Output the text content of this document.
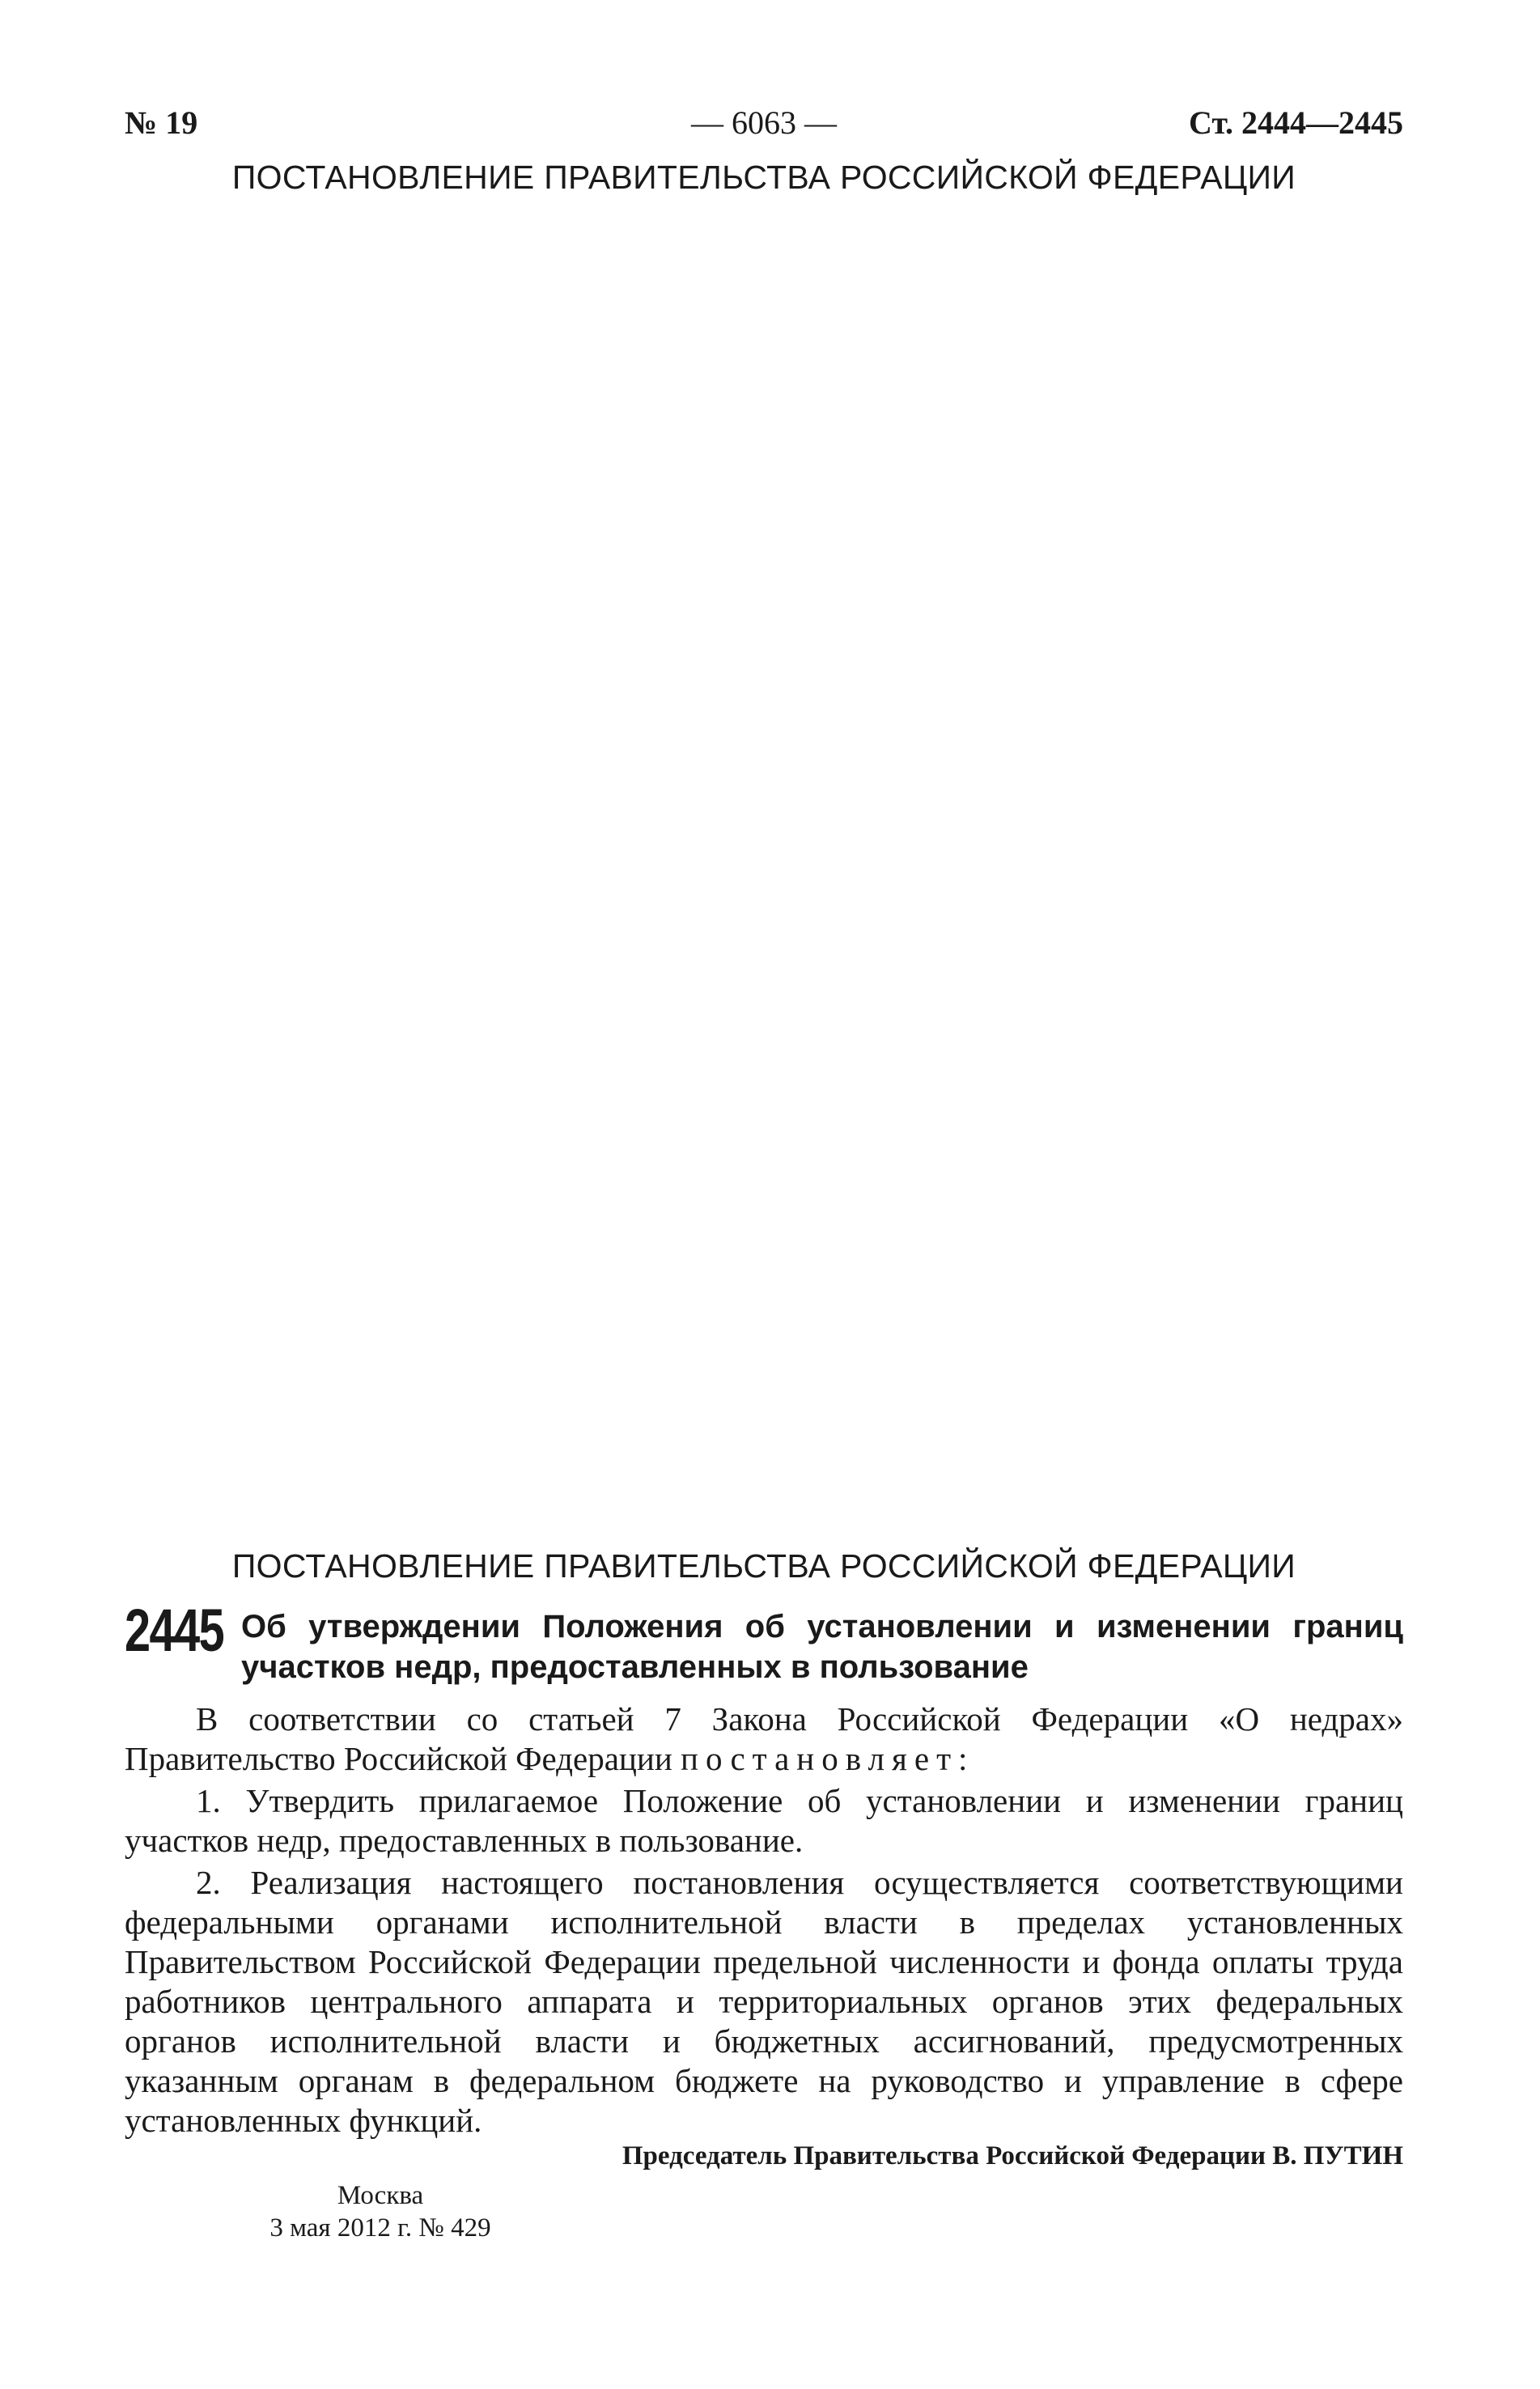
№ 19	— 6063 —	Ст. 2444—2445
ПОСТАНОВЛЕНИЕ ПРАВИТЕЛЬСТВА РОССИЙСКОЙ ФЕДЕРАЦИИ
ПОСТАНОВЛЕНИЕ ПРАВИТЕЛЬСТВА РОССИЙСКОЙ ФЕДЕРАЦИИ
2445 Об утверждении Положения об установлении и изменении границ участков недр, предоставленных в пользование

В соответствии со статьей 7 Закона Российской Федерации «О недрах» Правительство Российской Федерации постановляет:

1. Утвердить прилагаемое Положение об установлении и изменении границ участков недр, предоставленных в пользование.

2. Реализация настоящего постановления осуществляется соответствующими федеральными органами исполнительной власти в пределах установленных Правительством Российской Федерации предельной численности и фонда оплаты труда работников центрального аппарата и территориальных органов этих федеральных органов исполнительной власти и бюджетных ассигнований, предусмотренных указанным органам в федеральном бюджете на руководство и управление в сфере установленных функций.

Председатель Правительства Российской Федерации В. ПУТИН
Москва
3 мая 2012 г. № 429
